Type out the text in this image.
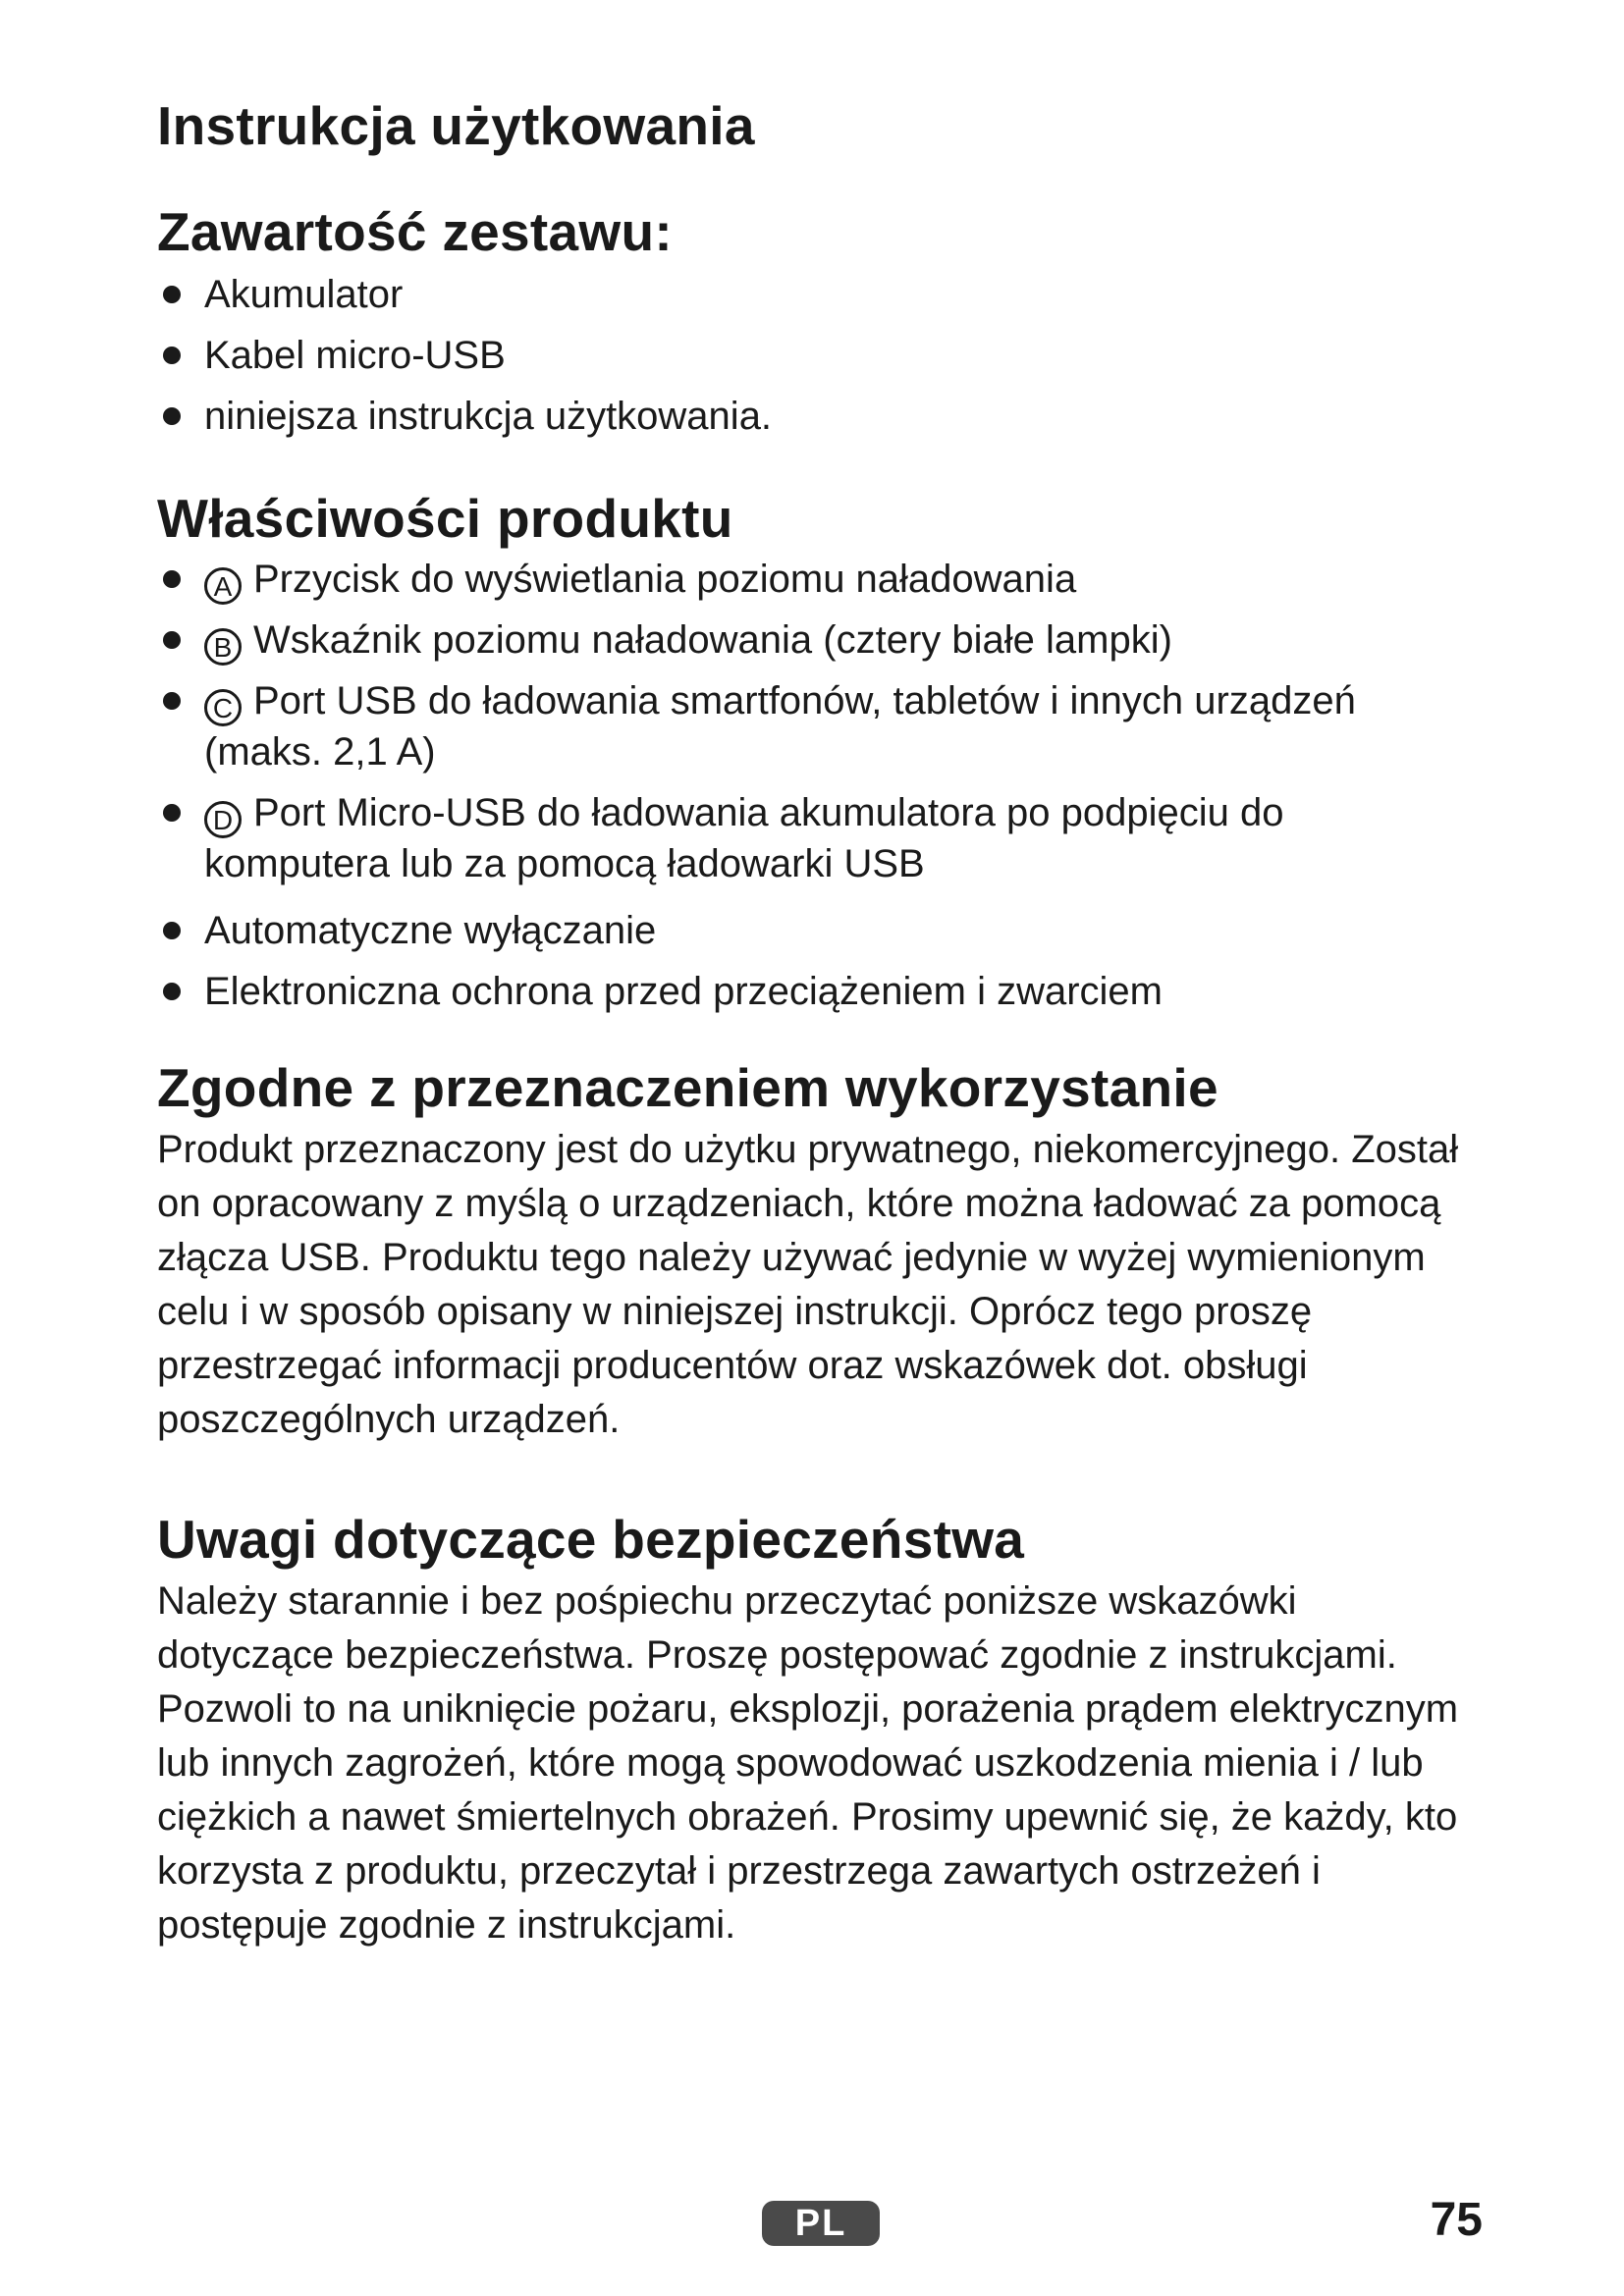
Instrukcja użytkowania
Zawartość zestawu:
Akumulator
Kabel micro-USB
niniejsza instrukcja użytkowania.
Właściwości produktu
A Przycisk do wyświetlania poziomu naładowania
B Wskaźnik poziomu naładowania (cztery białe lampki)
C Port USB do ładowania smartfonów, tabletów i innych urządzeń (maks. 2,1 A)
D Port Micro-USB do ładowania akumulatora po podpięciu do komputera lub za pomocą ładowarki USB
Automatyczne wyłączanie
Elektroniczna ochrona przed przeciążeniem i zwarciem
Zgodne z przeznaczeniem wykorzystanie

Produkt przeznaczony jest do użytku prywatnego, niekomercyjnego. Został on opracowany z myślą o urządzeniach, które można ładować za pomocą złącza USB. Produktu tego należy używać jedynie w wyżej wymienionym celu i w sposób opisany w niniejszej instrukcji. Oprócz tego proszę przestrzegać informacji producentów oraz wskazówek dot. obsługi poszczególnych urządzeń.

Uwagi dotyczące bezpieczeństwa

Należy starannie i bez pośpiechu przeczytać poniższe wskazówki dotyczące bezpieczeństwa. Proszę postępować zgodnie z instrukcjami. Pozwoli to na uniknięcie pożaru, eksplozji, porażenia prądem elektrycznym lub innych zagrożeń, które mogą spowodować uszkodzenia mienia i / lub ciężkich a nawet śmiertelnych obrażeń. Prosimy upewnić się, że każdy, kto korzysta z produktu, przeczytał i przestrzega zawartych ostrzeżeń i postępuje zgodnie z instrukcjami.

PL	75
